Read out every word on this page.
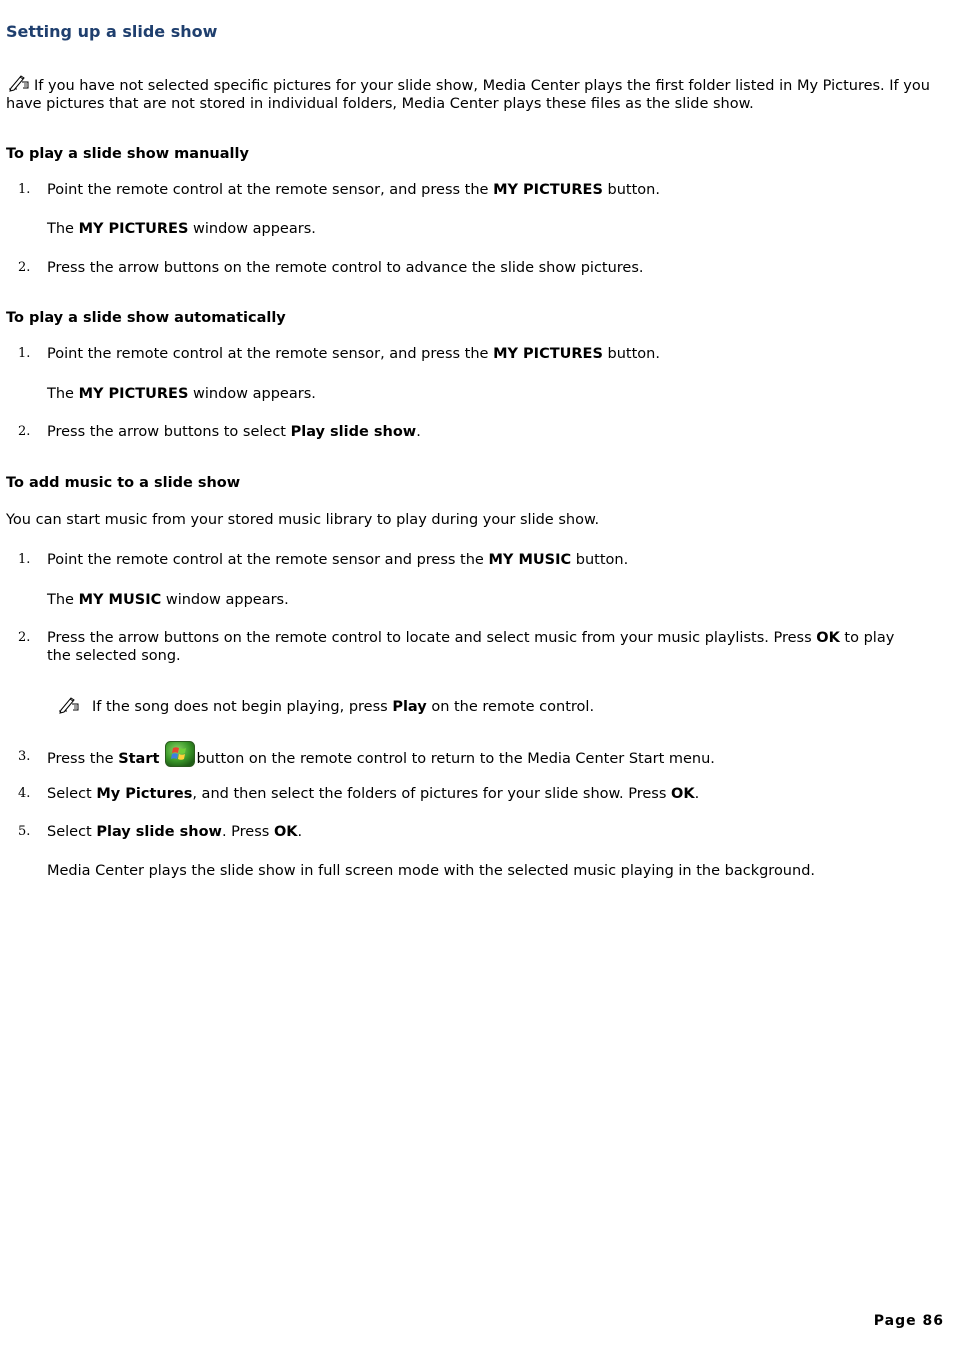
Setting up a slide show
If you have not selected specific pictures for your slide show, Media Center plays the first folder listed in My Pictures. If you have pictures that are not stored in individual folders, Media Center plays these files as the slide show.
To play a slide show manually
1. Point the remote control at the remote sensor, and press the MY PICTURES button.
The MY PICTURES window appears.
2. Press the arrow buttons on the remote control to advance the slide show pictures.
To play a slide show automatically
1. Point the remote control at the remote sensor, and press the MY PICTURES button.
The MY PICTURES window appears.
2. Press the arrow buttons to select Play slide show.
To add music to a slide show
You can start music from your stored music library to play during your slide show.
1. Point the remote control at the remote sensor and press the MY MUSIC button.
The MY MUSIC window appears.
2. Press the arrow buttons on the remote control to locate and select music from your music playlists. Press OK to play the selected song.
If the song does not begin playing, press Play on the remote control.
3. Press the Start	button on the remote control to return to the Media Center Start menu.
4. Select My Pictures, and then select the folders of pictures for your slide show. Press OK.
5. Select Play slide show. Press OK.
Media Center plays the slide show in full screen mode with the selected music playing in the background.
Page 86
